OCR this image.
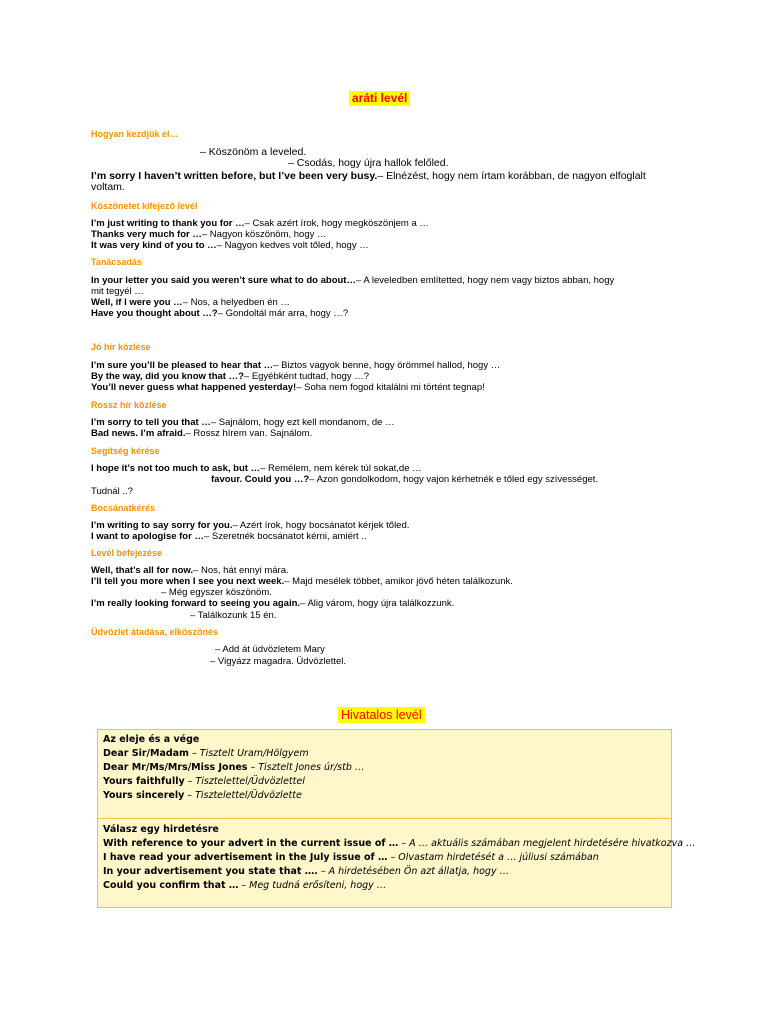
aráti levél
Hogyan kezdjük el…
– Köszönöm a leveled.
– Csodás, hogy újra hallok felőled.
I’m sorry I haven’t written before, but I’ve been very busy.– Elnézést, hogy nem írtam korábban, de nagyon elfoglalt
voltam.
Köszönetet kifejező levél
I’m just writing to thank you for …– Csak azért írok, hogy megköszönjem a …
Thanks very much for …– Nagyon köszönöm, hogy …
It was very kind of you to …– Nagyon kedves volt tőled, hogy …
Tanácsadás
In your letter you said you weren’t sure what to do about…– A leveledben említetted, hogy nem vagy biztos abban, hogy
mit tegyél …
Well, if I were you …– Nos, a helyedben én …
Have you thought about …?– Gondoltál már arra, hogy …?
Jó hír közlése
I’m sure you’ll be pleased to hear that …– Biztos vagyok benne, hogy örömmel hallod, hogy …
By the way, did you know that …?– Egyébként tudtad, hogy …?
You’ll never guess what happened yesterday!– Soha nem fogod kitalálni mi történt tegnap!
Rossz hír közlése
I’m sorry to tell you that …– Sajnálom, hogy ezt kell mondanom, de …
Bad news. I’m afraid.– Rossz hírem van. Sajnálom.
Segítség kérése
I hope it’s not too much to ask, but …– Remélem, nem kérek túl sokat,de …
favour. Could you …?– Azon gondolkodom, hogy vajon kérhetnék e tőled egy szívességet.
Tudnál ..?
Bocsánatkérés
I’m writing to say sorry for you.– Azért írok, hogy bocsánatot kérjek tőled.
I want to apologise for …– Szeretnék bocsánatot kérni, amiért ..
Levél befejezése
Well, that’s all for now.– Nos, hát ennyi mára.
I’ll tell you more when I see you next week.– Majd mesélek többet, amikor jövő héten találkozunk.
– Még egyszer köszönöm.
I’m really looking forward to seeing you again.– Alig várom, hogy újra találkozzunk.
– Találkozunk 15 én.
Üdvözlet átadása, elköszönés
– Add át üdvözletem Mary
– Vigyázz magadra. Üdvözlettel.
Hivatalos levél
Az eleje és a vége
Dear Sir/Madam – Tisztelt Uram/Hölgyem
Dear Mr/Ms/Mrs/Miss Jones – Tisztelt Jones úr/stb …
Yours faithfully – Tisztelettel/Üdvözlettel
Yours sincerely – Tisztelettel/Üdvözlette
Válasz egy hirdetésre
With reference to your advert in the current issue of … – A … aktuális számában megjelent hirdetésére hivatkozva …
I have read your advertisement in the July issue of … – Olvastam hirdetését a … júliusi számában
In your advertisement you state that …. – A hirdetésében Ön azt állatja, hogy …
Could you confirm that … – Meg tudná erősíteni, hogy …
